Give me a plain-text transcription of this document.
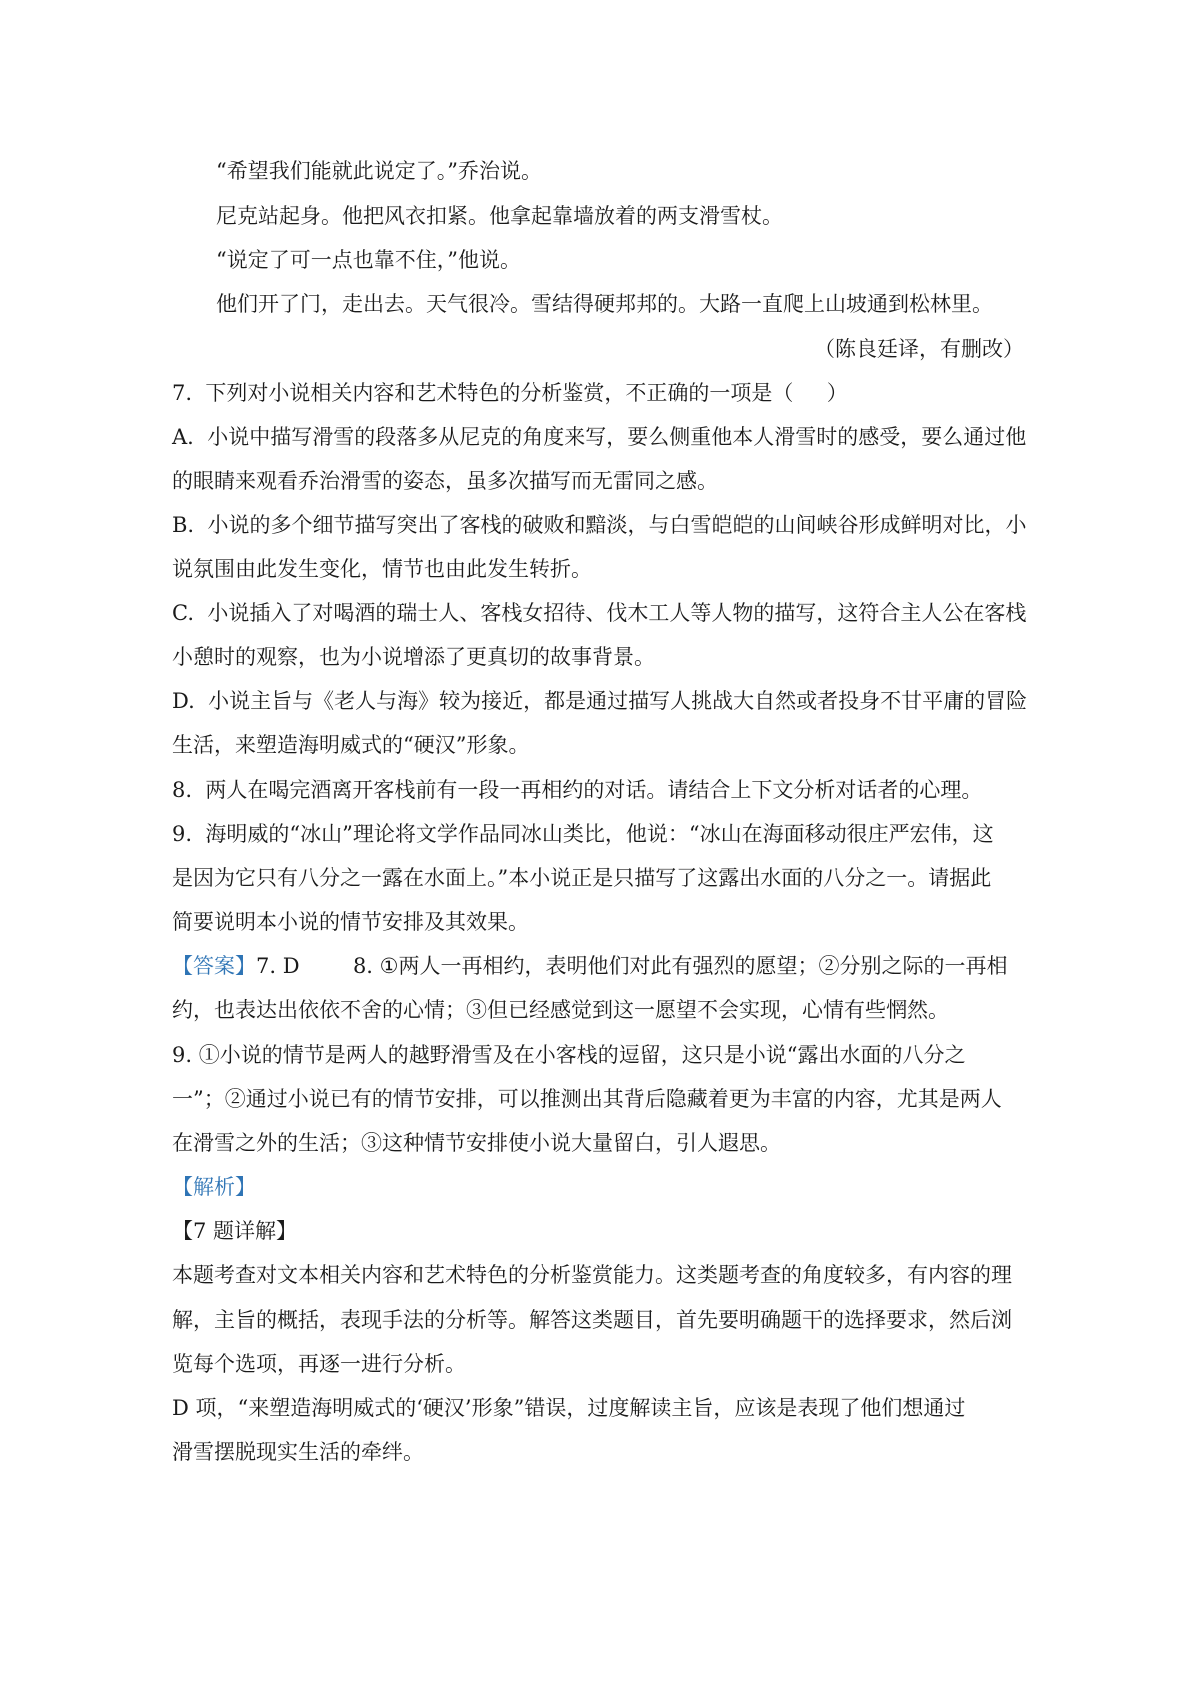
“希望我们能就此说定了。”乔治说。
尼克站起身。他把风衣扣紧。他拿起靠墙放着的两支滑雪杖。
“说定了可一点也靠不住，”他说。
他们开了门，走出去。天气很冷。雪结得硬邦邦的。大路一直爬上山坡通到松林里。
（陈良廷译，有删改）
7.  下列对小说相关内容和艺术特色的分析鉴赏，不正确的一项是（     ）
A.  小说中描写滑雪的段落多从尼克的角度来写，要么侧重他本人滑雪时的感受，要么通过他
的眼睛来观看乔治滑雪的姿态，虽多次描写而无雷同之感。
B.  小说的多个细节描写突出了客栈的破败和黯淡，与白雪皑皑的山间峡谷形成鲜明对比，小
说氛围由此发生变化，情节也由此发生转折。
C.  小说插入了对喝酒的瑞士人、客栈女招待、伐木工人等人物的描写，这符合主人公在客栈
小憩时的观察，也为小说增添了更真切的故事背景。
D.  小说主旨与《老人与海》较为接近，都是通过描写人挑战大自然或者投身不甘平庸的冒险
生活，来塑造海明威式的“硬汉”形象。
8.  两人在喝完酒离开客栈前有一段一再相约的对话。请结合上下文分析对话者的心理。
9.  海明威的“冰山”理论将文学作品同冰山类比，他说：“冰山在海面移动很庄严宏伟，这
是因为它只有八分之一露在水面上。”本小说正是只描写了这露出水面的八分之一。请据此
简要说明本小说的情节安排及其效果。
【答案】7. D        8. ①两人一再相约，表明他们对此有强烈的愿望；②分别之际的一再相
约，也表达出依依不舍的心情；③但已经感觉到这一愿望不会实现，心情有些惘然。
9. ①小说的情节是两人的越野滑雪及在小客栈的逗留，这只是小说“露出水面的八分之
一”；②通过小说已有的情节安排，可以推测出其背后隐藏着更为丰富的内容，尤其是两人
在滑雪之外的生活；③这种情节安排使小说大量留白，引人遐思。
【解析】
【7 题详解】
本题考查对文本相关内容和艺术特色的分析鉴赏能力。这类题考查的角度较多，有内容的理
解，主旨的概括，表现手法的分析等。解答这类题目，首先要明确题干的选择要求，然后浏
览每个选项，再逐一进行分析。
D 项，“来塑造海明威式的‘硬汉’形象”错误，过度解读主旨，应该是表现了他们想通过
滑雪摆脱现实生活的牵绊。
